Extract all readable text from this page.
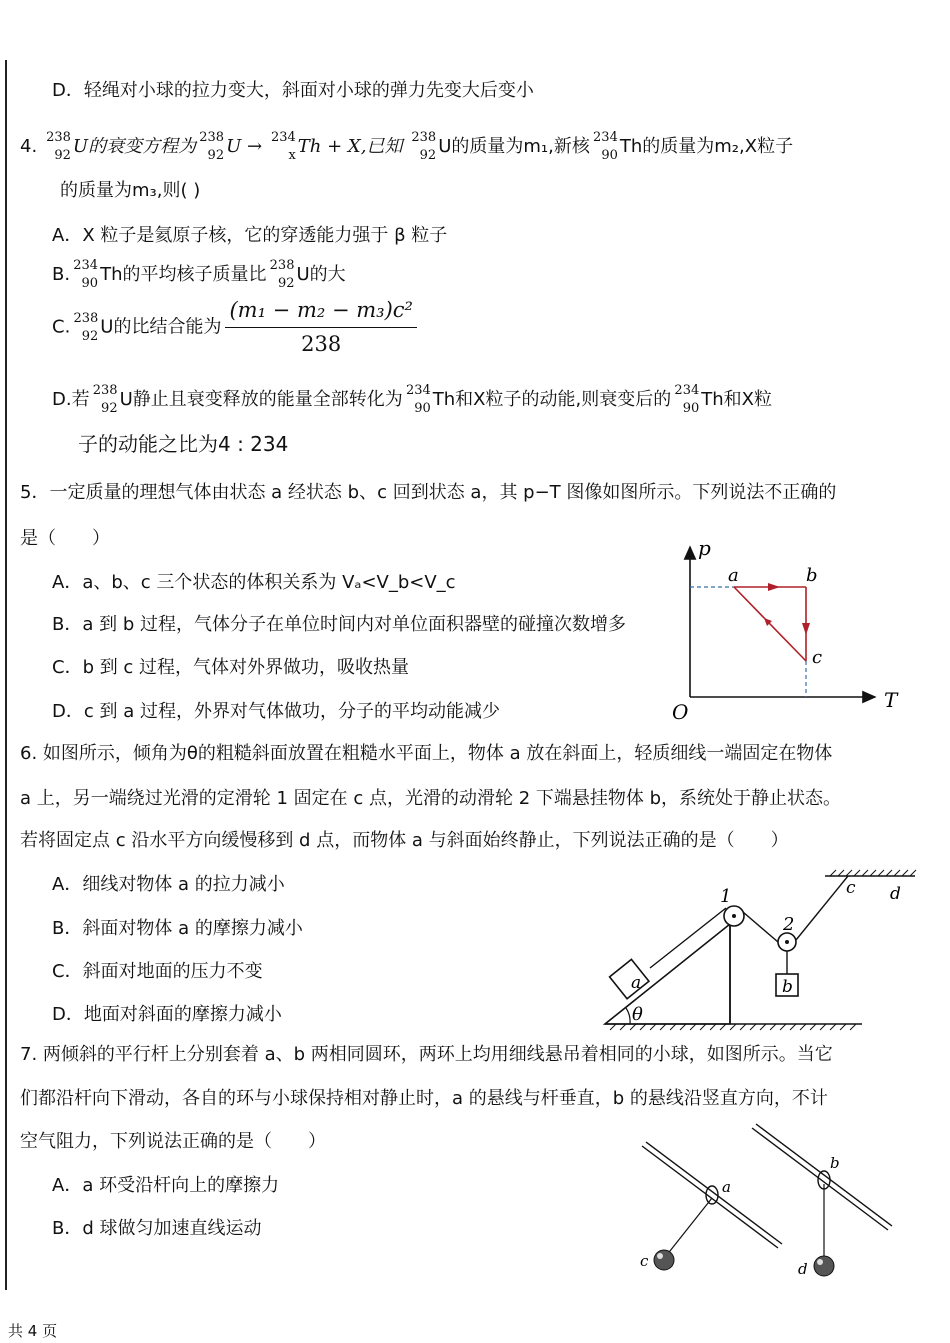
D．轻绳对小球的拉力变大，斜面对小球的弹力先变大后变小
4. 238
92 U的衰变方程为 238
92 U → 234
x Th + X,已知 238
92 U的质量为m₁,新核 234
90 Th的质量为m₂,X粒子
的质量为m₃,则( )
A．X 粒子是氦原子核，它的穿透能力强于 β 粒子
B. 234
90 Th的平均核子质量比 238
92 U的大
C. 238
92 U的比结合能为 $\frac{\text{(m₁ − m₂ − m₃)c²}}{238}$
D.若 238
92 U静止且衰变释放的能量全部转化为 234
90 Th和X粒子的动能,则衰变后的 234
90 Th和X粒
子的动能之比为4 : 234
5．一定质量的理想气体由状态 a 经状态 b、c 回到状态 a，其 p−T 图像如图所示。下列说法不正确的
是（　　）
A．a、b、c 三个状态的体积关系为 Vₐ<V_b<V_c
B．a 到 b 过程，气体分子在单位时间内对单位面积器壁的碰撞次数增多
C．b 到 c 过程，气体对外界做功，吸收热量
D．c 到 a 过程，外界对气体做功，分子的平均动能减少
p
T
O
a	b
c
6. 如图所示，倾角为θ的粗糙斜面放置在粗糙水平面上，物体 a 放在斜面上，轻质细线一端固定在物体
a 上，另一端绕过光滑的定滑轮 1 固定在 c 点，光滑的动滑轮 2 下端悬挂物体 b，系统处于静止状态。
若将固定点 c 沿水平方向缓慢移到 d 点，而物体 a 与斜面始终静止，下列说法正确的是（　　）
A．细线对物体 a 的拉力减小
B．斜面对物体 a 的摩擦力减小
C．斜面对地面的压力不变
D．地面对斜面的摩擦力减小
1
2
a	b
c d
θ
7. 两倾斜的平行杆上分别套着 a、b 两相同圆环，两环上均用细线悬吊着相同的小球，如图所示。当它
们都沿杆向下滑动，各自的环与小球保持相对静止时，a 的悬线与杆垂直，b 的悬线沿竖直方向，不计
空气阻力，下列说法正确的是（　　）
A．a 环受沿杆向上的摩擦力
B．d 球做匀加速直线运动
a
b
c	d
共 4 页
